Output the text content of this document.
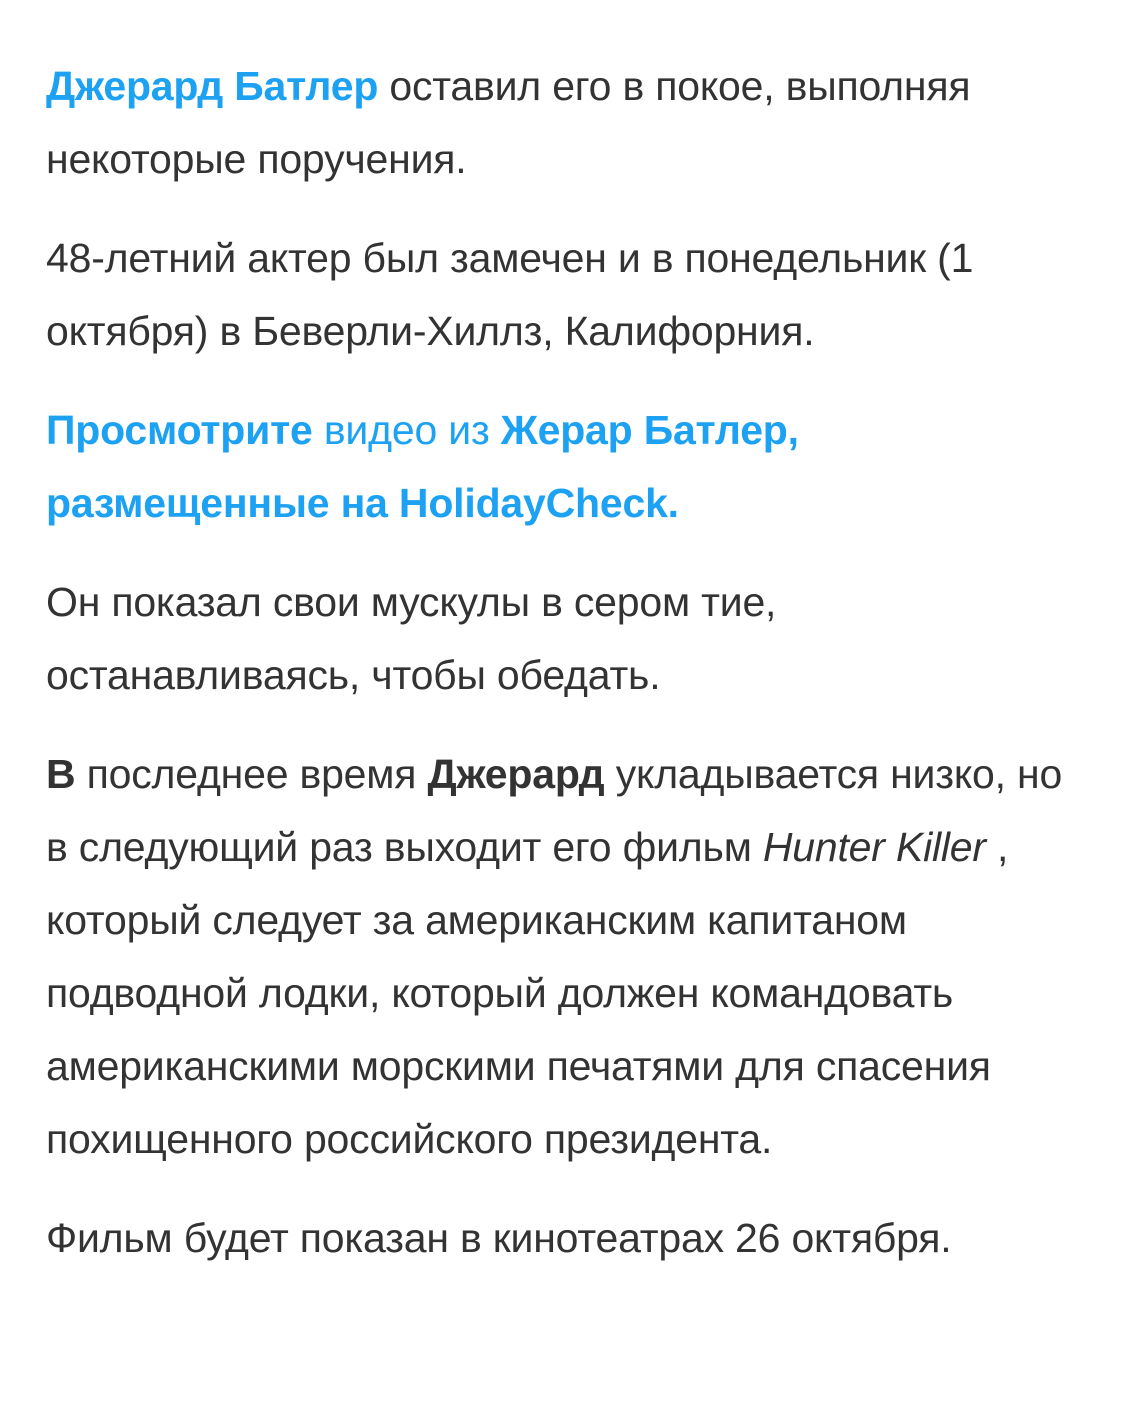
Джерард Батлер оставил его в покое, выполняя некоторые поручения.

48-летний актер был замечен и в понедельник (1 октября) в Беверли-Хиллз, Калифорния.

Просмотрите видео из Жерар Батлер, размещенные на HolidayCheck.

Он показал свои мускулы в сером тие, останавливаясь, чтобы обедать.

В последнее время Джерард укладывается низко, но в следующий раз выходит его фильм Hunter Killer , который следует за американским капитаном подводной лодки, который должен командовать американскими морскими печатями для спасения похищенного российского президента.

Фильм будет показан в кинотеатрах 26 октября.
